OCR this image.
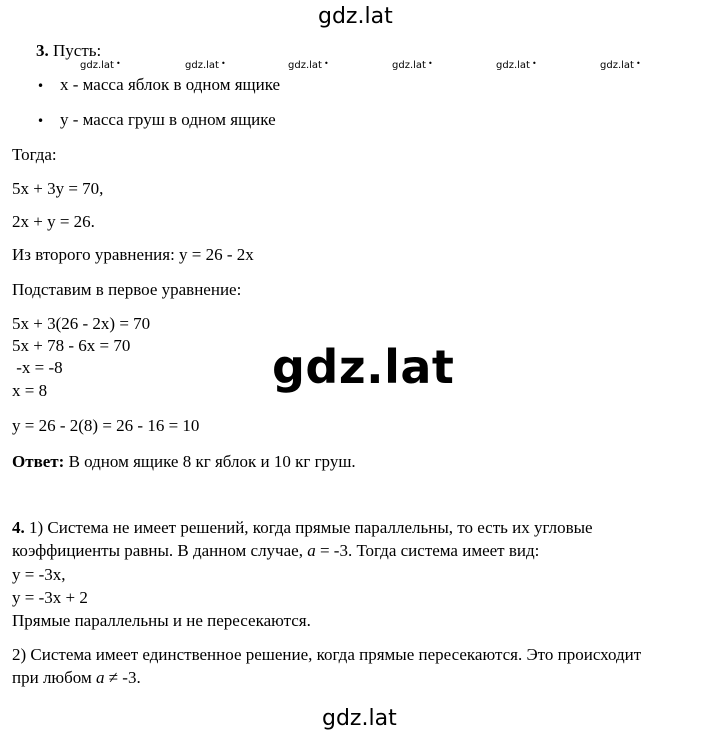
gdz.lat
gdz.lat
gdz.lat
gdz.lat •	gdz.lat •	gdz.lat •	gdz.lat •	gdz.lat •	gdz.lat •
3. Пусть:
• x - масса яблок в одном ящике
• y - масса груш в одном ящике
Тогда:
5x + 3y = 70,
2x + y = 26.
Из второго уравнения: y = 26 - 2x
Подставим в первое уравнение:
5x + 3(26 - 2x) = 70
5x + 78 - 6x = 70
-x = -8
x = 8
y = 26 - 2(8) = 26 - 16 = 10
Ответ: В одном ящике 8 кг яблок и 10 кг груш.
4. 1) Система не имеет решений, когда прямые параллельны, то есть их угловые
коэффициенты равны. В данном случае, a = -3. Тогда система имеет вид:
y = -3x,
y = -3x + 2
Прямые параллельны и не пересекаются.
2) Система имеет единственное решение, когда прямые пересекаются. Это происходит
при любом a ≠ -3.
